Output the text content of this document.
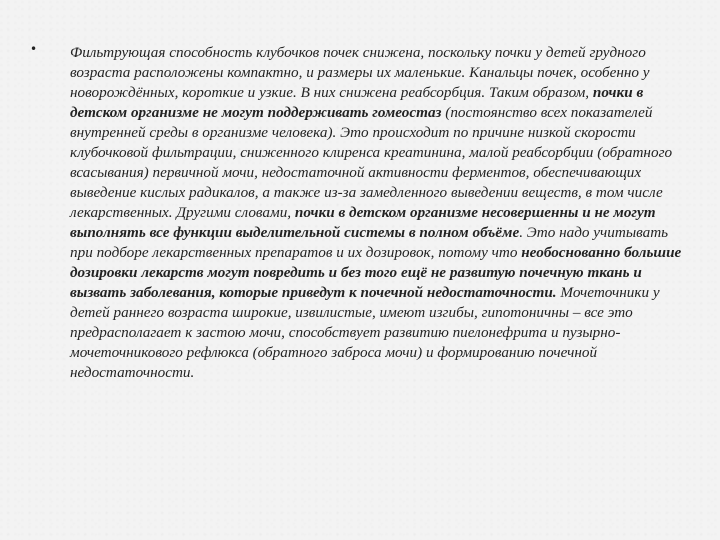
• Фильтрующая способность клубочков почек снижена, поскольку почки у детей грудного возраста расположены компактно, и размеры их маленькие. Канальцы почек, особенно у новорождённых, короткие и узкие. В них снижена реабсорбция. Таким образом, почки в детском организме не могут поддерживать гомеостаз (постоянство всех показателей внутренней среды в организме человека). Это происходит по причине низкой скорости клубочковой фильтрации, сниженного клиренса креатинина, малой реабсорбции (обратного всасывания) первичной мочи, недостаточной активности ферментов, обеспечивающих выведение кислых радикалов, а также из-за замедленного выведении веществ, в том числе лекарственных. Другими словами, почки в детском организме несовершенны и не могут выполнять все функции выделительной системы в полном объёме. Это надо учитывать при подборе лекарственных препаратов и их дозировок, потому что необоснованно большие дозировки лекарств могут повредить и без того ещё не развитую почечную ткань и вызвать заболевания, которые приведут к почечной недостаточности. Мочеточники у детей раннего возраста широкие, извилистые, имеют изгибы, гипотоничны – все это предрасполагает к застою мочи, способствует развитию пиелонефрита и пузырно-мочеточникового рефлюкса (обратного заброса мочи) и формированию почечной недостаточности.
